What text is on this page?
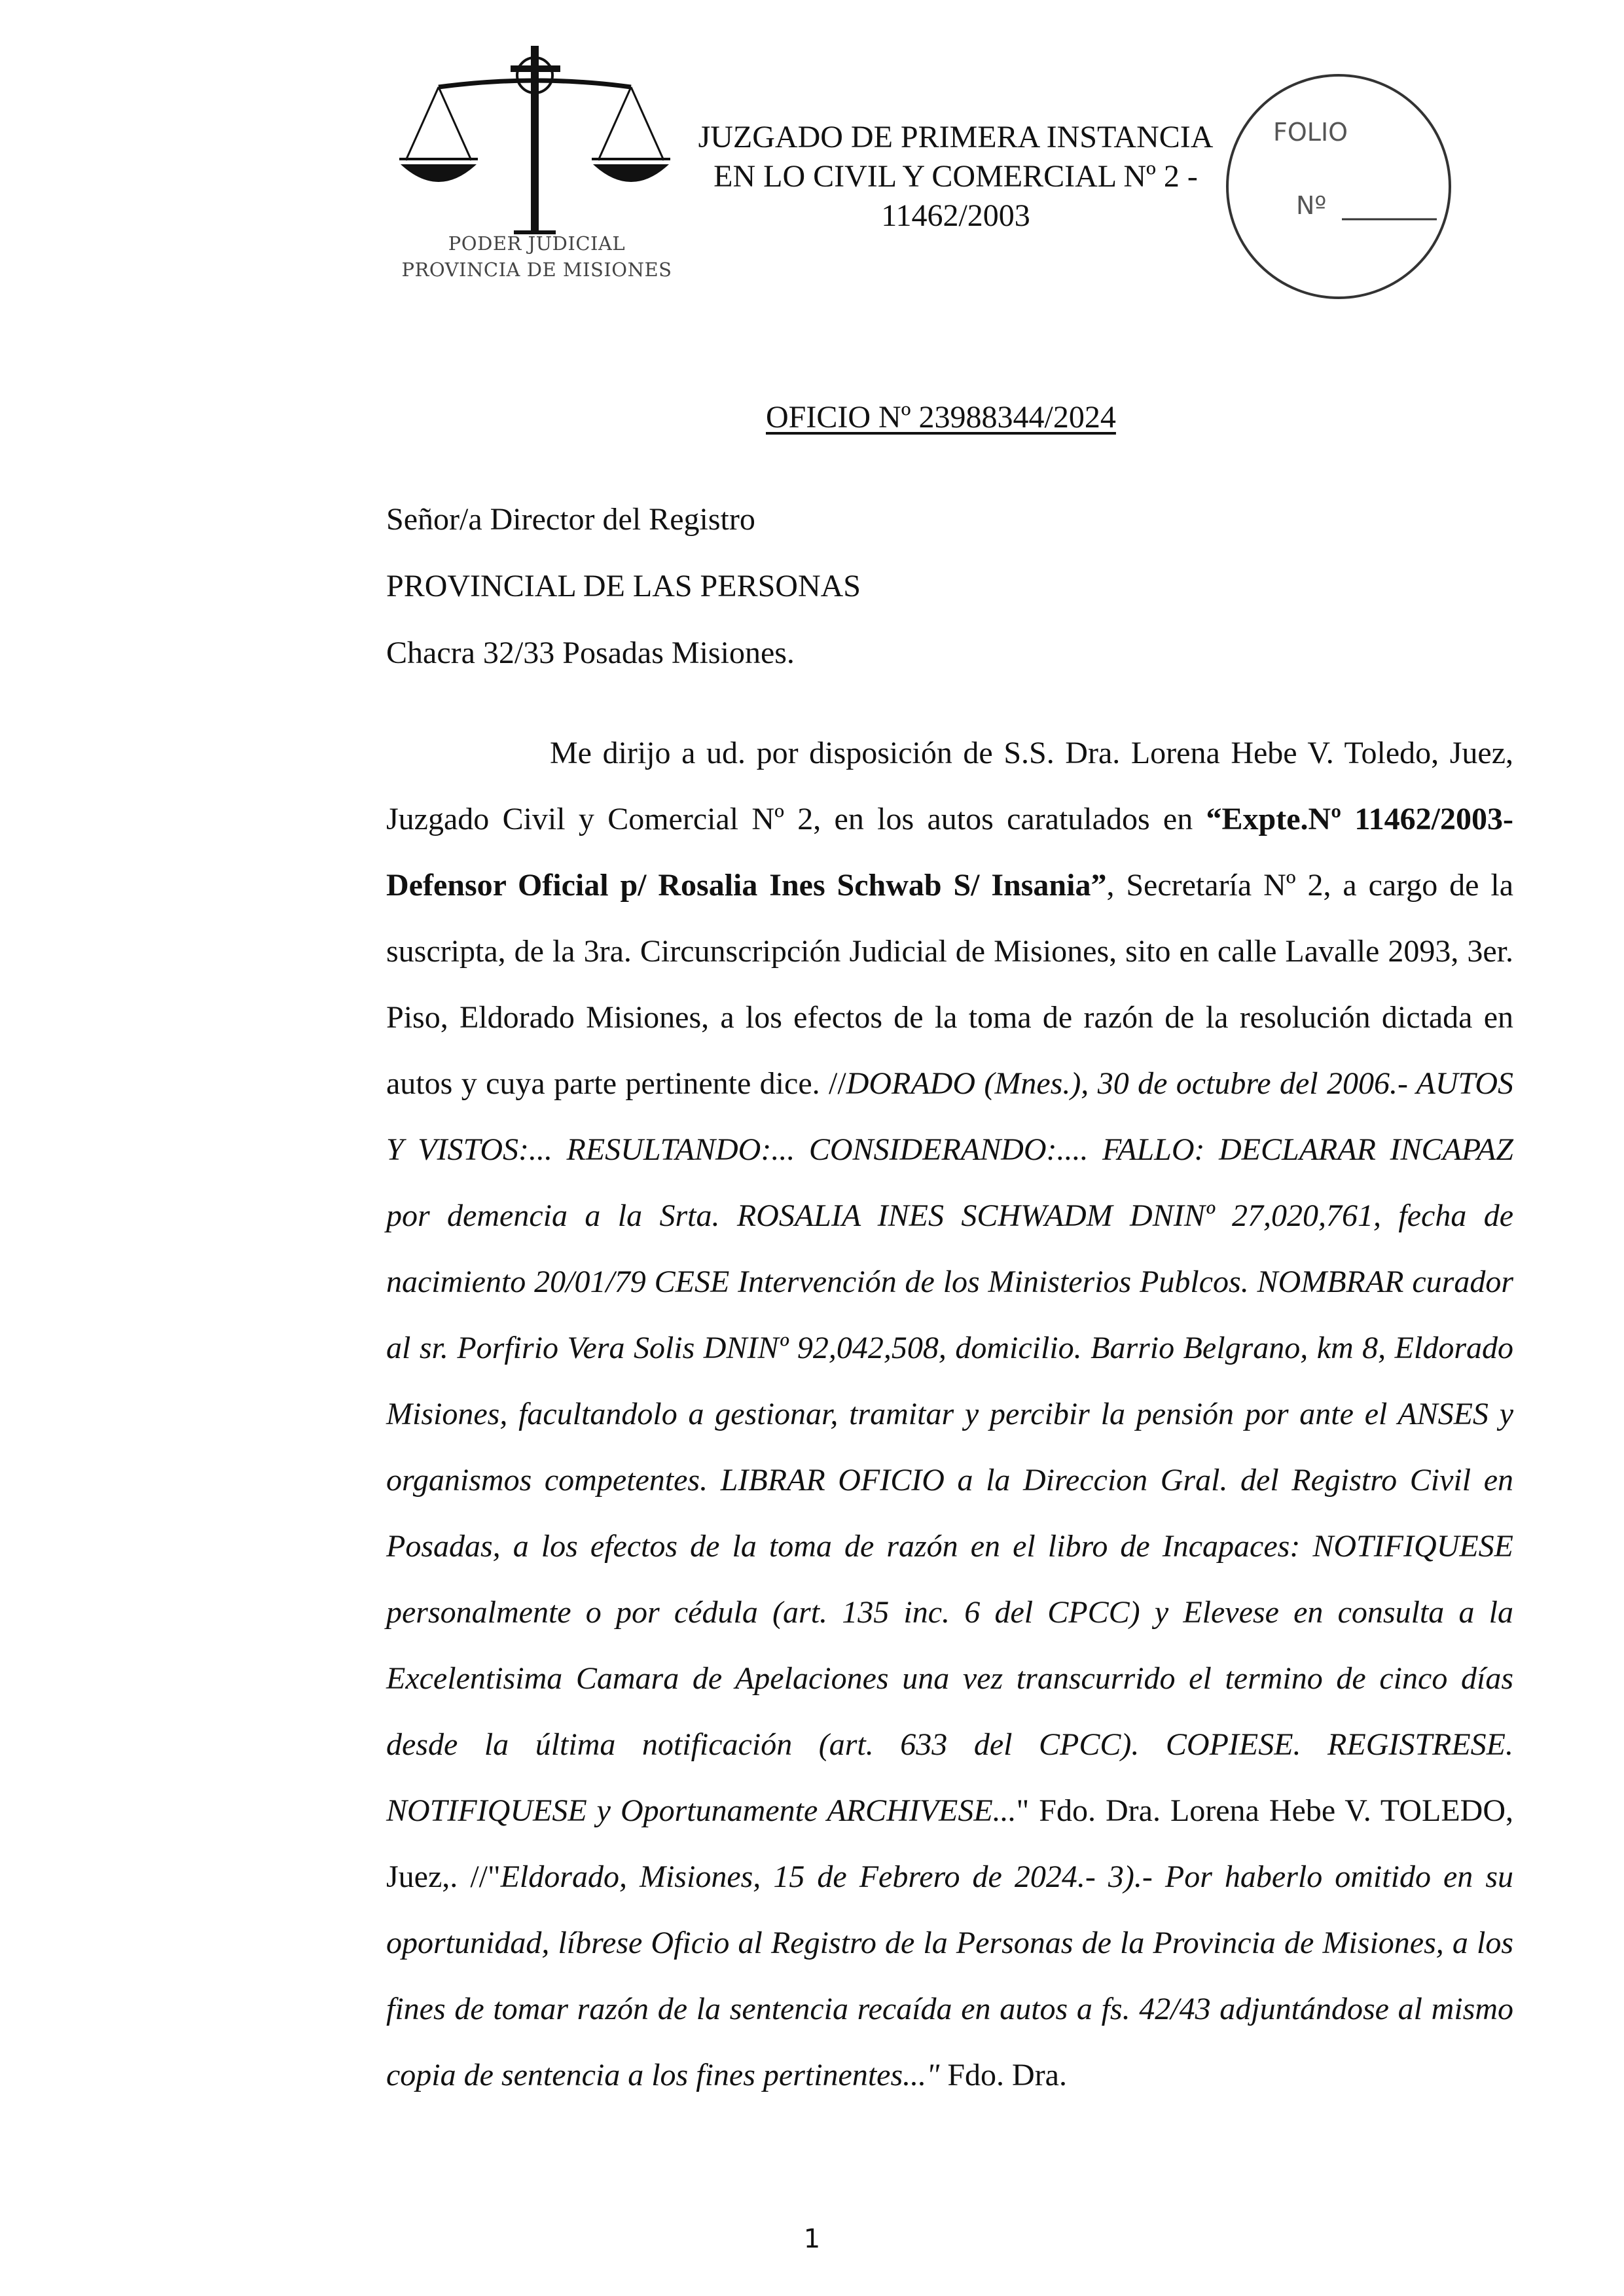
PODER JUDICIAL
PROVINCIA DE MISIONES
JUZGADO DE PRIMERA INSTANCIA
EN LO CIVIL Y COMERCIAL Nº 2 -
11462/2003
FOLIO
Nº
OFICIO Nº 23988344/2024
Señor/a Director del Registro
PROVINCIAL DE LAS PERSONAS
Chacra 32/33 Posadas Misiones.
Me dirijo a ud. por disposición de S.S. Dra. Lorena Hebe V. Toledo, Juez, Juzgado Civil y Comercial Nº 2, en los autos caratulados en “Expte.Nº 11462/2003- Defensor Oficial p/ Rosalia Ines Schwab S/ Insania”, Secretaría Nº 2, a cargo de la suscripta, de la 3ra. Circunscripción Judicial de Misiones, sito en calle Lavalle 2093, 3er. Piso, Eldorado Misiones, a los efectos de la toma de razón de la resolución dictada en autos y cuya parte pertinente dice. //DORADO (Mnes.), 30 de octubre del 2006.- AUTOS Y VISTOS:... RESULTANDO:... CONSIDERANDO:.... FALLO: DECLARAR INCAPAZ por demencia a la Srta. ROSALIA INES SCHWADM DNINº 27,020,761, fecha de nacimiento 20/01/79 CESE Intervención de los Ministerios Publcos. NOMBRAR curador al sr. Porfirio Vera Solis DNINº 92,042,508, domicilio. Barrio Belgrano, km 8, Eldorado Misiones, facultandolo a gestionar, tramitar y percibir la pensión por ante el ANSES y organismos competentes. LIBRAR OFICIO a la Direccion Gral. del Registro Civil en Posadas, a los efectos de la toma de razón en el libro de Incapaces: NOTIFIQUESE personalmente o por cédula (art. 135 inc. 6 del CPCC) y Elevese en consulta a la Excelentisima Camara de Apelaciones una vez transcurrido el termino de cinco días desde la última notificación (art. 633 del CPCC). COPIESE. REGISTRESE. NOTIFIQUESE y Oportunamente ARCHIVESE..." Fdo. Dra. Lorena Hebe V. TOLEDO, Juez,. //"Eldorado, Misiones, 15 de Febrero de 2024.- 3).- Por haberlo omitido en su oportunidad, líbrese Oficio al Registro de la Personas de la Provincia de Misiones, a los fines de tomar razón de la sentencia recaída en autos a fs. 42/43 adjuntándose al mismo copia de sentencia a los fines pertinentes..." Fdo. Dra.
1
